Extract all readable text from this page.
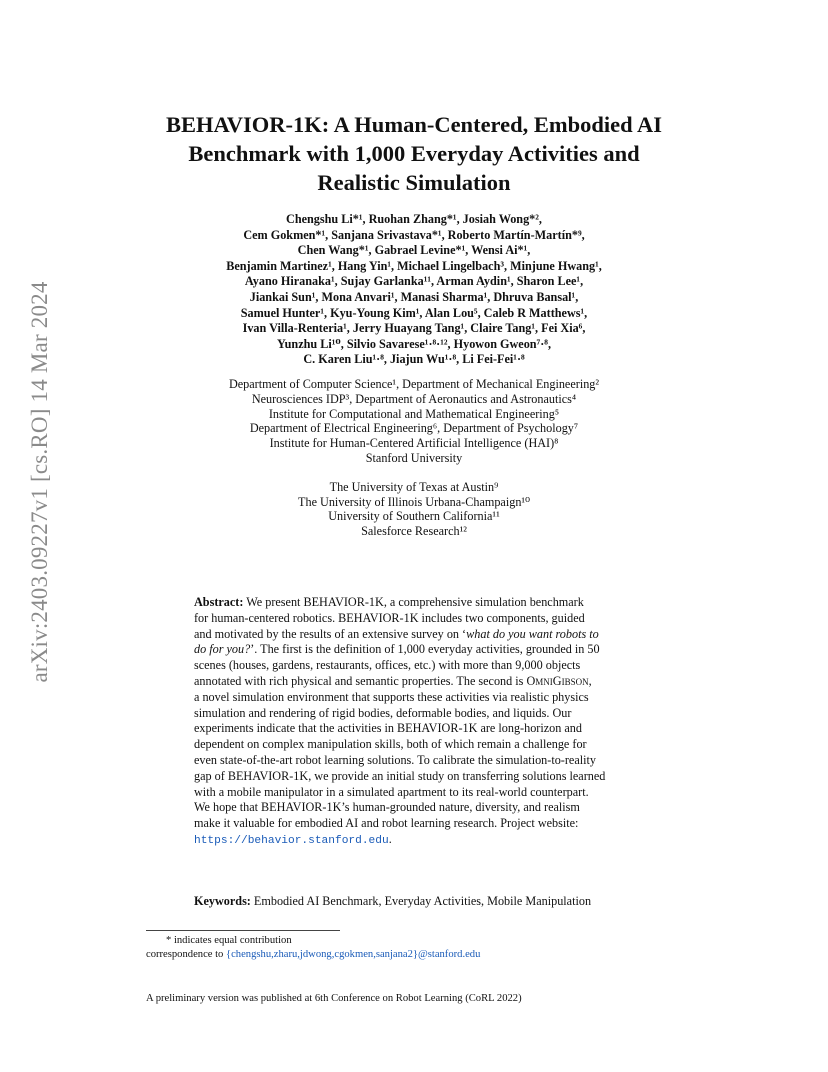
arXiv:2403.09227v1 [cs.RO] 14 Mar 2024
BEHAVIOR-1K: A Human-Centered, Embodied AI
Benchmark with 1,000 Everyday Activities and
Realistic Simulation
Chengshu Li*¹, Ruohan Zhang*¹, Josiah Wong*²,
Cem Gokmen*¹, Sanjana Srivastava*¹, Roberto Martín-Martín*⁹,
Chen Wang*¹, Gabrael Levine*¹, Wensi Ai*¹,
Benjamin Martinez¹, Hang Yin¹, Michael Lingelbach³, Minjune Hwang¹,
Ayano Hiranaka¹, Sujay Garlanka¹¹, Arman Aydin¹, Sharon Lee¹,
Jiankai Sun¹, Mona Anvari¹, Manasi Sharma¹, Dhruva Bansal¹,
Samuel Hunter¹, Kyu-Young Kim¹, Alan Lou⁵, Caleb R Matthews¹,
Ivan Villa-Renteria¹, Jerry Huayang Tang¹, Claire Tang¹, Fei Xia⁶,
Yunzhu Li¹⁰, Silvio Savarese¹·⁸·¹², Hyowon Gweon⁷·⁸,
C. Karen Liu¹·⁸, Jiajun Wu¹·⁸, Li Fei-Fei¹·⁸
Department of Computer Science¹, Department of Mechanical Engineering²
Neurosciences IDP³, Department of Aeronautics and Astronautics⁴
Institute for Computational and Mathematical Engineering⁵
Department of Electrical Engineering⁶, Department of Psychology⁷
Institute for Human-Centered Artificial Intelligence (HAI)⁸
Stanford University
The University of Texas at Austin⁹
The University of Illinois Urbana-Champaign¹⁰
University of Southern California¹¹
Salesforce Research¹²
Abstract: We present BEHAVIOR-1K, a comprehensive simulation benchmark
for human-centered robotics. BEHAVIOR-1K includes two components, guided
and motivated by the results of an extensive survey on ‘what do you want robots to
do for you?’. The first is the definition of 1,000 everyday activities, grounded in 50
scenes (houses, gardens, restaurants, offices, etc.) with more than 9,000 objects
annotated with rich physical and semantic properties. The second is OmniGibson,
a novel simulation environment that supports these activities via realistic physics
simulation and rendering of rigid bodies, deformable bodies, and liquids. Our
experiments indicate that the activities in BEHAVIOR-1K are long-horizon and
dependent on complex manipulation skills, both of which remain a challenge for
even state-of-the-art robot learning solutions. To calibrate the simulation-to-reality
gap of BEHAVIOR-1K, we provide an initial study on transferring solutions learned
with a mobile manipulator in a simulated apartment to its real-world counterpart.
We hope that BEHAVIOR-1K’s human-grounded nature, diversity, and realism
make it valuable for embodied AI and robot learning research. Project website:
https://behavior.stanford.edu.
Keywords: Embodied AI Benchmark, Everyday Activities, Mobile Manipulation
* indicates equal contribution
correspondence to {chengshu,zharu,jdwong,cgokmen,sanjana2}@stanford.edu
A preliminary version was published at 6th Conference on Robot Learning (CoRL 2022)
